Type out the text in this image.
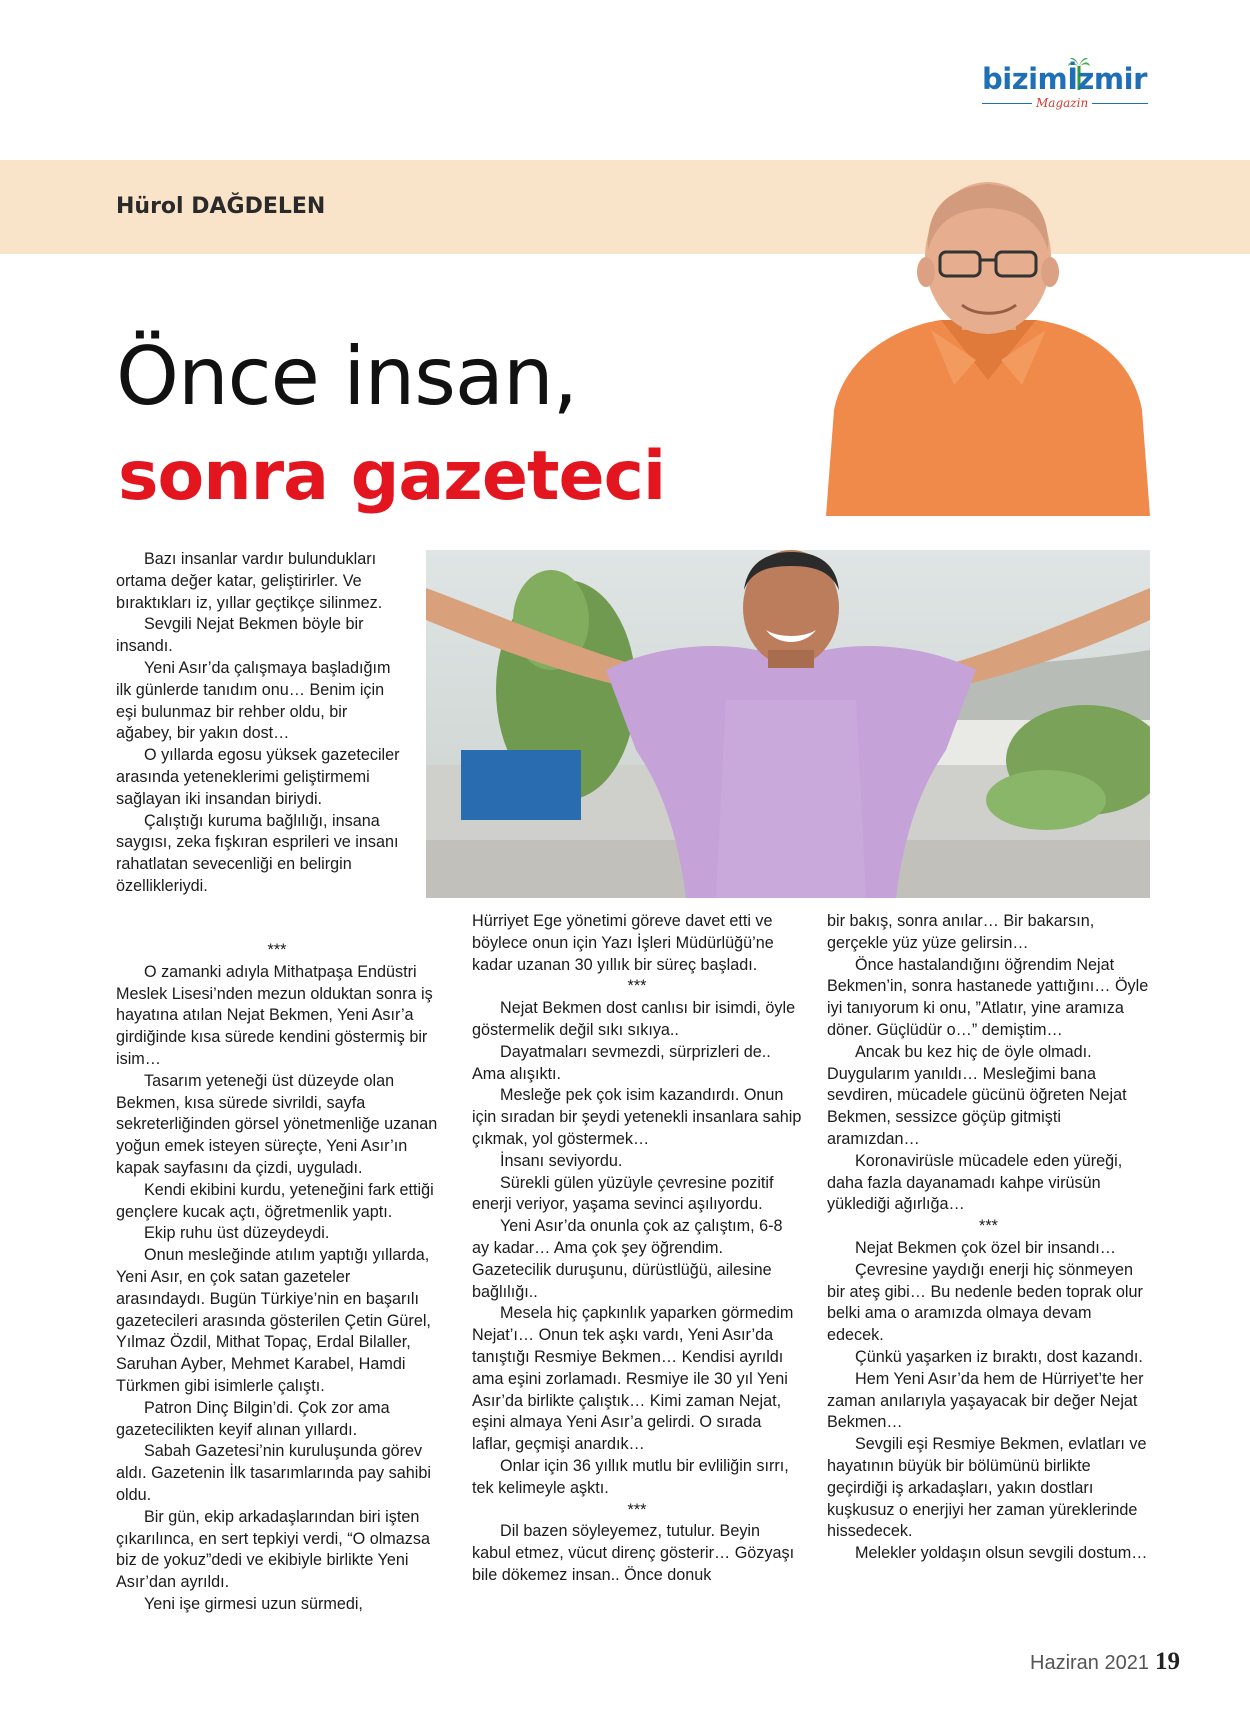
bizimİzmir
Magazin
Hürol DAĞDELEN
Önce insan,
sonra gazeteci

Bazı insanlar vardır bulundukları ortama değer katar, geliştirirler. Ve bıraktıkları iz, yıllar geçtikçe silinmez.

Sevgili Nejat Bekmen böyle bir insandı.

Yeni Asır’da çalışmaya başladığım ilk günlerde tanıdım onu… Benim için eşi bulunmaz bir rehber oldu, bir ağabey, bir yakın dost…

O yıllarda egosu yüksek gazeteciler arasında yeteneklerimi geliştirmemi sağlayan iki insandan biriydi.

Çalıştığı kuruma bağlılığı, insana saygısı, zeka fışkıran esprileri ve insanı rahatlatan sevecenliği en belirgin özellikleriydi.

***

O zamanki adıyla Mithatpaşa Endüstri Meslek Lisesi’nden mezun olduktan sonra iş hayatına atılan Nejat Bekmen, Yeni Asır’a girdiğinde kısa sürede kendini göstermiş bir isim…

Tasarım yeteneği üst düzeyde olan Bekmen, kısa sürede sivrildi, sayfa sekreterliğinden görsel yönetmenliğe uzanan yoğun emek isteyen süreçte, Yeni Asır’ın kapak sayfasını da çizdi, uyguladı.

Kendi ekibini kurdu, yeteneğini fark ettiği gençlere kucak açtı, öğretmenlik yaptı.

Ekip ruhu üst düzeydeydi.

Onun mesleğinde atılım yaptığı yıllarda, Yeni Asır, en çok satan gazeteler arasındaydı. Bugün Türkiye’nin en başarılı gazetecileri arasında gösterilen Çetin Gürel, Yılmaz Özdil, Mithat Topaç, Erdal Bilaller, Saruhan Ayber, Mehmet Karabel, Hamdi Türkmen gibi isimlerle çalıştı.

Patron Dinç Bilgin’di. Çok zor ama gazetecilikten keyif alınan yıllardı.

Sabah Gazetesi’nin kuruluşunda görev aldı. Gazetenin İlk tasarımlarında pay sahibi oldu.

Bir gün, ekip arkadaşlarından biri işten çıkarılınca, en sert tepkiyi verdi, “O olmazsa biz de yokuz”dedi ve ekibiyle birlikte Yeni Asır’dan ayrıldı.

Yeni işe girmesi uzun sürmedi,

Hürriyet Ege yönetimi göreve davet etti ve böylece onun için Yazı İşleri Müdürlüğü’ne kadar uzanan 30 yıllık bir süreç başladı.

***

Nejat Bekmen dost canlısı bir isimdi, öyle göstermelik değil sıkı sıkıya..

Dayatmaları sevmezdi, sürprizleri de.. Ama alışıktı.

Mesleğe pek çok isim kazandırdı. Onun için sıradan bir şeydi yetenekli insanlara sahip çıkmak, yol göstermek…

İnsanı seviyordu.

Sürekli gülen yüzüyle çevresine pozitif enerji veriyor, yaşama sevinci aşılıyordu.

Yeni Asır’da onunla çok az çalıştım, 6-8 ay kadar… Ama çok şey öğrendim. Gazetecilik duruşunu, dürüstlüğü, ailesine bağlılığı..

Mesela hiç çapkınlık yaparken görmedim Nejat’ı… Onun tek aşkı vardı, Yeni Asır’da tanıştığı Resmiye Bekmen… Kendisi ayrıldı ama eşini zorlamadı. Resmiye ile 30 yıl Yeni Asır’da birlikte çalıştık… Kimi zaman Nejat, eşini almaya Yeni Asır’a gelirdi. O sırada laflar, geçmişi anardık…

Onlar için 36 yıllık mutlu bir evliliğin sırrı, tek kelimeyle aşktı.

***

Dil bazen söyleyemez, tutulur. Beyin kabul etmez, vücut direnç gösterir… Gözyaşı bile dökemez insan.. Önce donuk

bir bakış, sonra anılar… Bir bakarsın, gerçekle yüz yüze gelirsin…

Önce hastalandığını öğrendim Nejat Bekmen’in, sonra hastanede yattığını… Öyle iyi tanıyorum ki onu, ”Atlatır, yine aramıza döner. Güçlüdür o…” demiştim…

Ancak bu kez hiç de öyle olmadı. Duygularım yanıldı… Mesleğimi bana sevdiren, mücadele gücünü öğreten Nejat Bekmen, sessizce göçüp gitmişti aramızdan…

Koronavirüsle mücadele eden yüreği, daha fazla dayanamadı kahpe virüsün yüklediği ağırlığa…

***

Nejat Bekmen çok özel bir insandı…

Çevresine yaydığı enerji hiç sönmeyen bir ateş gibi… Bu nedenle beden toprak olur belki ama o aramızda olmaya devam edecek.

Çünkü yaşarken iz bıraktı, dost kazandı.

Hem Yeni Asır’da hem de Hürriyet’te her zaman anılarıyla yaşayacak bir değer Nejat Bekmen…

Sevgili eşi Resmiye Bekmen, evlatları ve hayatının büyük bir bölümünü birlikte geçirdiği iş arkadaşları, yakın dostları kuşkusuz o enerjiyi her zaman yüreklerinde hissedecek.

Melekler yoldaşın olsun sevgili dostum…

Haziran 2021 19
